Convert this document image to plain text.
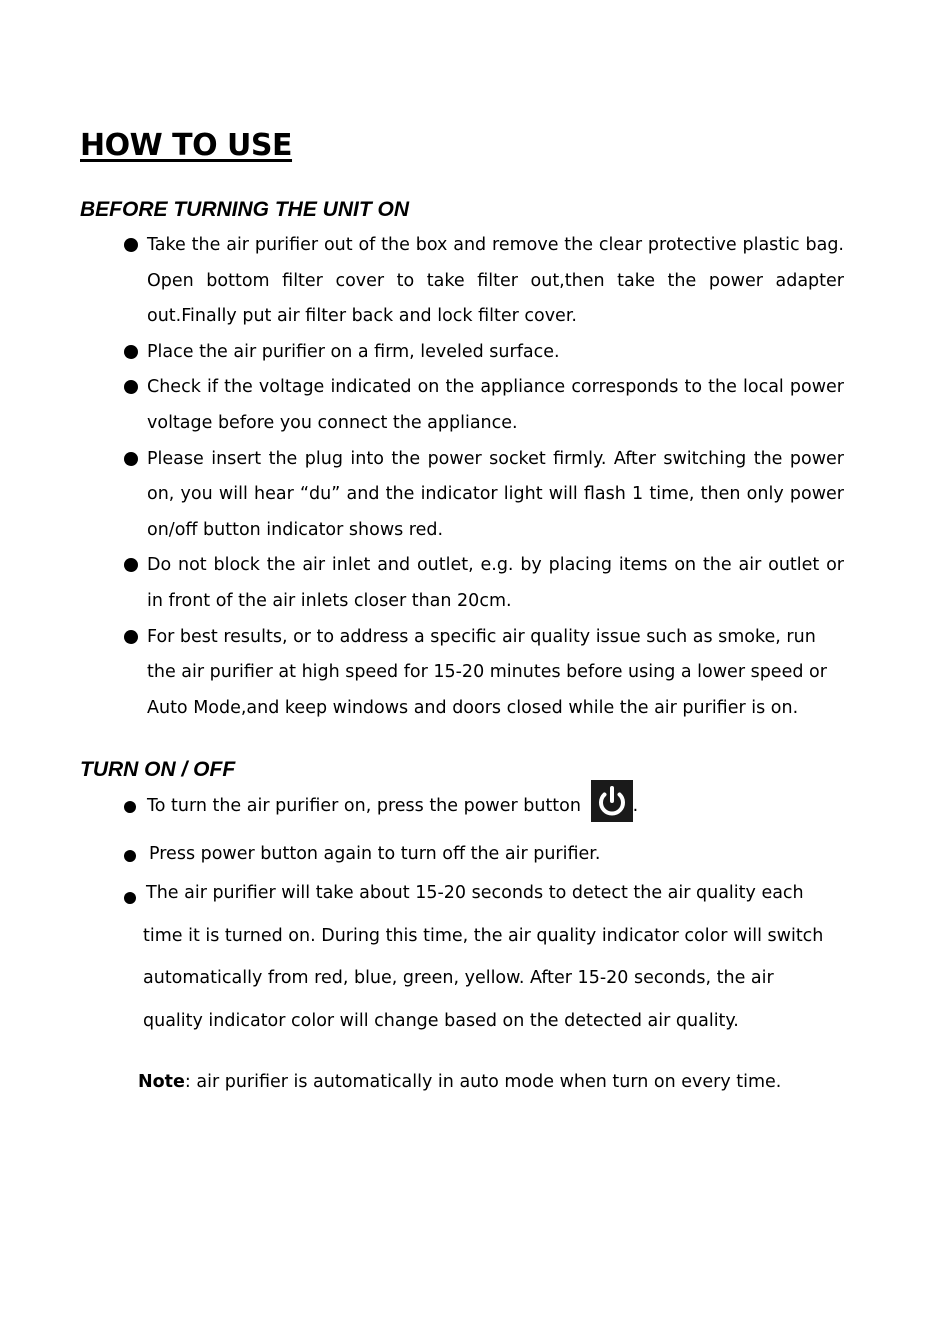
HOW TO USE
BEFORE TURNING THE UNIT ON
Take the air purifier out of the box and remove the clear protective plastic bag. Open bottom filter cover to take filter out,then take the power adapter out.Finally put air filter back and lock filter cover.
Place the air purifier on a firm, leveled surface.
Check if the voltage indicated on the appliance corresponds to the local power voltage before you connect the appliance.
Please insert the plug into the power socket firmly. After switching the power on, you will hear “du” and the indicator light will flash 1 time, then only power on/off button indicator shows red.
Do not block the air inlet and outlet, e.g. by placing items on the air outlet or in front of the air inlets closer than 20cm.
For best results, or to address a specific air quality issue such as smoke, run the air purifier at high speed for 15-20 minutes before using a lower speed or Auto Mode,and keep windows and doors closed while the air purifier is on.
TURN ON / OFF
To turn the air purifier on, press the power button	.
Press power button again to turn off the air purifier.
The air purifier will take about 15-20 seconds to detect the air quality each
time it is turned on. During this time, the air quality indicator color will switch
automatically from red, blue, green, yellow. After 15-20 seconds, the air
quality indicator color will change based on the detected air quality.

Note: air purifier is automatically in auto mode when turn on every time.
